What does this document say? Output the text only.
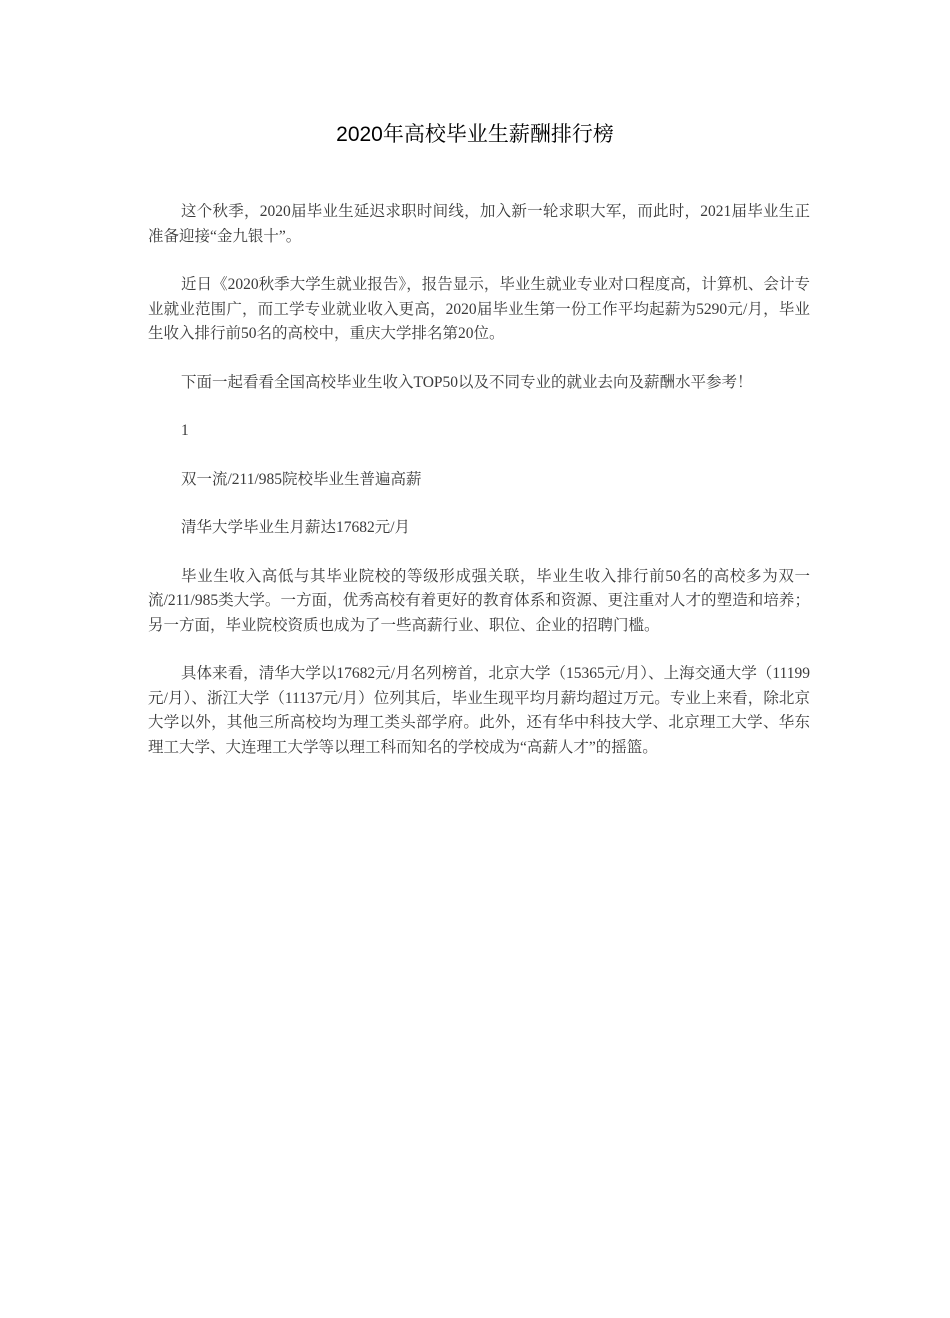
2020年高校毕业生薪酬排行榜

这个秋季，2020届毕业生延迟求职时间线，加入新一轮求职大军，而此时，2021届毕业生正准备迎接“金九银十”。

近日《2020秋季大学生就业报告》，报告显示，毕业生就业专业对口程度高，计算机、会计专业就业范围广，而工学专业就业收入更高，2020届毕业生第一份工作平均起薪为5290元/月，毕业生收入排行前50名的高校中，重庆大学排名第20位。

下面一起看看全国高校毕业生收入TOP50以及不同专业的就业去向及薪酬水平参考！

1

双一流/211/985院校毕业生普遍高薪

清华大学毕业生月薪达17682元/月

毕业生收入高低与其毕业院校的等级形成强关联，毕业生收入排行前50名的高校多为双一流/211/985类大学。一方面，优秀高校有着更好的教育体系和资源、更注重对人才的塑造和培养；另一方面，毕业院校资质也成为了一些高薪行业、职位、企业的招聘门槛。

具体来看，清华大学以17682元/月名列榜首，北京大学（15365元/月）、上海交通大学（11199元/月）、浙江大学（11137元/月）位列其后，毕业生现平均月薪均超过万元。专业上来看，除北京大学以外，其他三所高校均为理工类头部学府。此外，还有华中科技大学、北京理工大学、华东理工大学、大连理工大学等以理工科而知名的学校成为“高薪人才”的摇篮。
